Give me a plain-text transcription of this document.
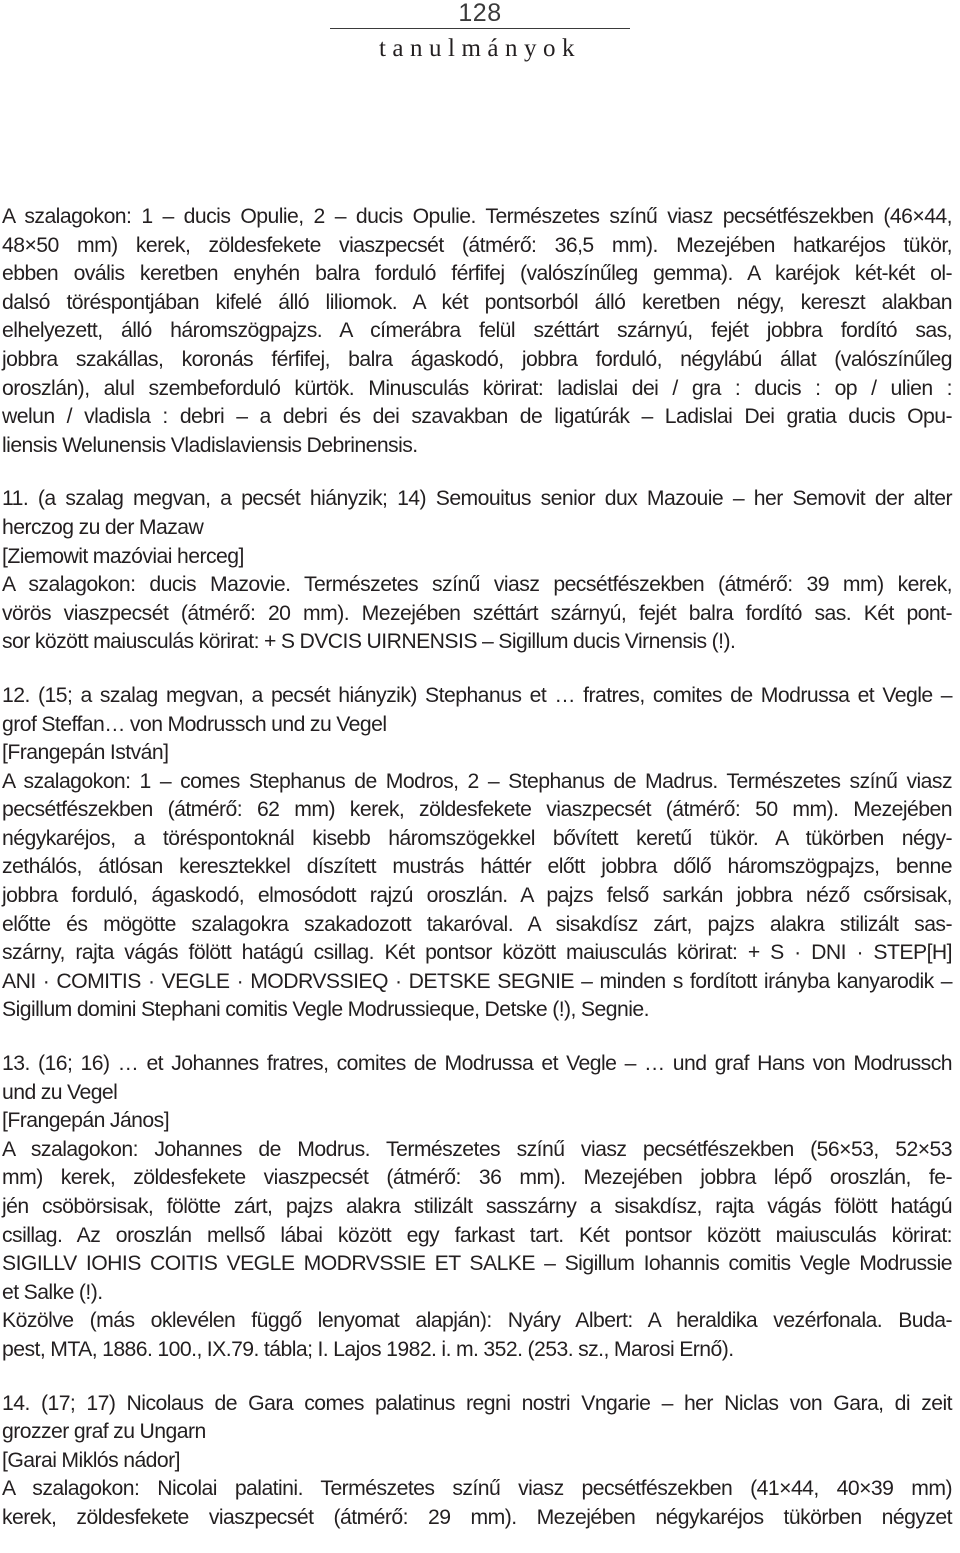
128
tanulmányok

A szalagokon: 1 – ducis Opulie, 2 – ducis Opulie. Természetes színű viasz pecsétfészekben (46×44,
48×50 mm) kerek, zöldesfekete viaszpecsét (átmérő: 36,5 mm). Mezejében hatkaréjos tükör,
ebben ovális keretben enyhén balra forduló férfifej (valószínűleg gemma). A karéjok két-két ol-
dalsó töréspontjában kifelé álló liliomok. A két pontsorból álló keretben négy, kereszt alakban
elhelyezett, álló háromszögpajzs. A címerábra felül széttárt szárnyú, fejét jobbra fordító sas,
jobbra szakállas, koronás férfifej, balra ágaskodó, jobbra forduló, négylábú állat (valószínűleg
oroszlán), alul szembeforduló kürtök. Minusculás körirat: ladislai dei / gra : ducis : op / ulien :
welun / vladisla : debri – a debri és dei szavakban de ligatúrák – Ladislai Dei gratia ducis Opu-
liensis Welunensis Vladislaviensis Debrinensis.

11. (a szalag megvan, a pecsét hiányzik; 14) Semouitus senior dux Mazouie – her Semovit der alter
herczog zu der Mazaw
[Ziemowit mazóviai herceg]
A szalagokon: ducis Mazovie. Természetes színű viasz pecsétfészekben (átmérő: 39 mm) kerek,
vörös viaszpecsét (átmérő: 20 mm). Mezejében széttárt szárnyú, fejét balra fordító sas. Két pont-
sor között maiusculás körirat: + S DVCIS UIRNENSIS – Sigillum ducis Virnensis (!).
12. (15; a szalag megvan, a pecsét hiányzik) Stephanus et … fratres, comites de Modrussa et Vegle –
grof Steffan… von Modrussch und zu Vegel
[Frangepán István]
A szalagokon: 1 – comes Stephanus de Modros, 2 – Stephanus de Madrus. Természetes színű viasz
pecsétfészekben (átmérő: 62 mm) kerek, zöldesfekete viaszpecsét (átmérő: 50 mm). Mezejében
négykaréjos, a töréspontoknál kisebb háromszögekkel bővített keretű tükör. A tükörben négy-
zethálós, átlósan keresztekkel díszített mustrás háttér előtt jobbra dőlő háromszögpajzs, benne
jobbra forduló, ágaskodó, elmosódott rajzú oroszlán. A pajzs felső sarkán jobbra néző csőrsisak,
előtte és mögötte szalagokra szakadozott takaróval. A sisakdísz zárt, pajzs alakra stilizált sas-
szárny, rajta vágás fölött hatágú csillag. Két pontsor között maiusculás körirat: + S · DNI · STEP[H]
ANI · COMITIS · VEGLE · MODRVSSIEQ · DETSKE SEGNIE – minden s fordított irányba kanyarodik –
Sigillum domini Stephani comitis Vegle Modrussieque, Detske (!), Segnie.
13. (16; 16) … et Johannes fratres, comites de Modrussa et Vegle – … und graf Hans von Modrussch
und zu Vegel
[Frangepán János]
A szalagokon: Johannes de Modrus. Természetes színű viasz pecsétfészekben (56×53, 52×53
mm) kerek, zöldesfekete viaszpecsét (átmérő: 36 mm). Mezejében jobbra lépő oroszlán, fe-
jén csöbörsisak, fölötte zárt, pajzs alakra stilizált sasszárny a sisakdísz, rajta vágás fölött hatágú
csillag. Az oroszlán mellső lábai között egy farkast tart. Két pontsor között maiusculás körirat:
SIGILLV IOHIS COITIS VEGLE MODRVSSIE ET SALKE – Sigillum Iohannis comitis Vegle Modrussie
et Salke (!).
Közölve (más oklevélen függő lenyomat alapján): Nyáry Albert: A heraldika vezérfonala. Buda-
pest, MTA, 1886. 100., IX.79. tábla; I. Lajos 1982. i. m. 352. (253. sz., Marosi Ernő).
14. (17; 17) Nicolaus de Gara comes palatinus regni nostri Vngarie – her Niclas von Gara, di zeit
grozzer graf zu Ungarn
[Garai Miklós nádor]
A szalagokon: Nicolai palatini. Természetes színű viasz pecsétfészekben (41×44, 40×39 mm)
kerek, zöldesfekete viaszpecsét (átmérő: 29 mm). Mezejében négykaréjos tükörben négyzet
